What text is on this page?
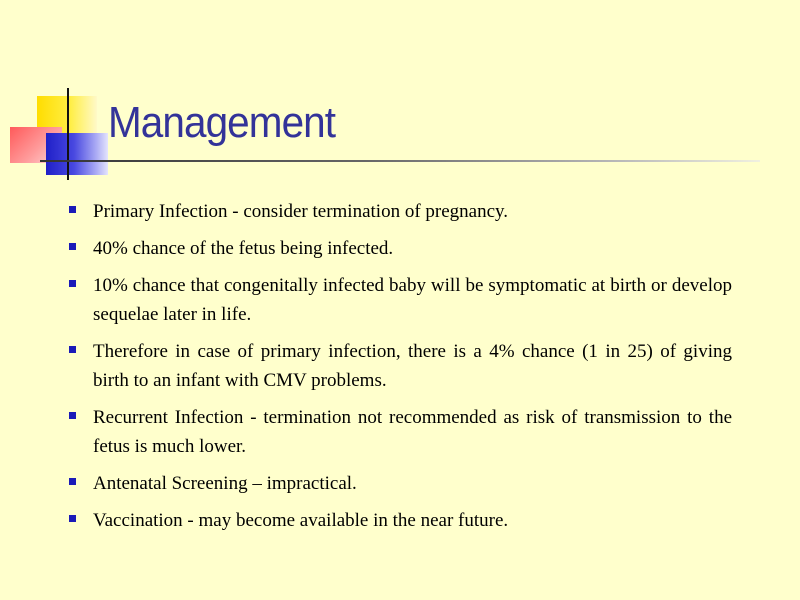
Management
Primary Infection - consider termination of pregnancy.
40% chance of the fetus being infected.
10% chance that congenitally infected baby will be symptomatic at birth or develop sequelae later in life.
Therefore in case of primary infection, there is a 4% chance (1 in 25) of giving birth to an infant with CMV problems.
Recurrent Infection - termination not recommended as risk of transmission to the fetus is much lower.
Antenatal Screening – impractical.
Vaccination - may become available in the near future.
